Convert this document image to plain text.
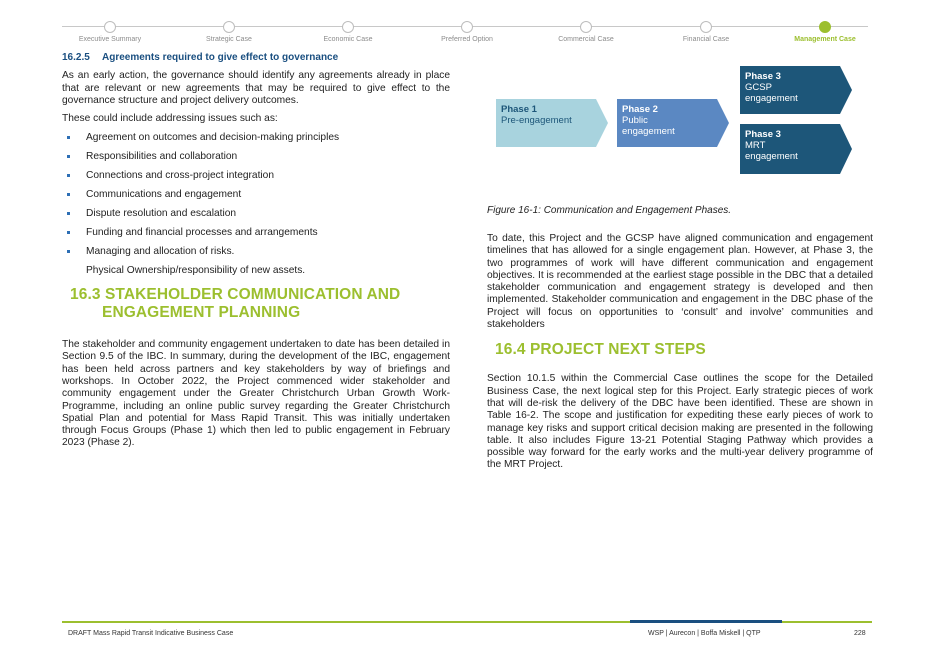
Executive Summary	Strategic Case	Economic Case	Preferred Option	Commercial Case	Financial Case	Management Case
16.2.5 Agreements required to give effect to governance

As an early action, the governance should identify any agreements already in place that are relevant or new agreements that may be required to give effect to the governance structure and project delivery outcomes.

These could include addressing issues such as:

Agreement on outcomes and decision-making principles
Responsibilities and collaboration
Connections and cross-project integration
Communications and engagement
Dispute resolution and escalation
Funding and financial processes and arrangements
Managing and allocation of risks.

Physical Ownership/responsibility of new assets.

16.3 STAKEHOLDER COMMUNICATION AND
ENGAGEMENT PLANNING

The stakeholder and community engagement undertaken to date has been detailed in Section 9.5 of the IBC. In summary, during the development of the IBC, engagement has been held across partners and key stakeholders by way of briefings and workshops. In October 2022, the Project commenced wider stakeholder and community engagement under the Greater Christchurch Urban Growth Work-Programme, including an online public survey regarding the Greater Christchurch Spatial Plan and potential for Mass Rapid Transit. This was initially undertaken through Focus Groups (Phase 1) which then led to public engagement in February 2023 (Phase 2).

Phase 1
Pre-engagement
Phase 2
Public engagement
Phase 3
GCSP engagement
Phase 3
MRT engagement
Figure 16-1: Communication and Engagement Phases.

To date, this Project and the GCSP have aligned communication and engagement timelines that has allowed for a single engagement plan. However, at Phase 3, the two programmes of work will have different communication and engagement objectives. It is recommended at the earliest stage possible in the DBC that a detailed stakeholder communication and engagement strategy is developed and then implemented. Stakeholder communication and engagement in the DBC phase of the Project will focus on opportunities to ‘consult’ and involve’ communities and stakeholders

16.4 PROJECT NEXT STEPS

Section 10.1.5 within the Commercial Case outlines the scope for the Detailed Business Case, the next logical step for this Project. Early strategic pieces of work that will de-risk the delivery of the DBC have been identified. These are shown in Table 16-2. The scope and justification for expediting these early pieces of work to manage key risks and support critical decision making are presented in the following table. It also includes Figure 13-21 Potential Staging Pathway which provides a possible way forward for the early works and the multi-year delivery programme of the MRT Project.

DRAFT Mass Rapid Transit Indicative Business Case	WSP | Aurecon | Boffa Miskell | QTP	228
